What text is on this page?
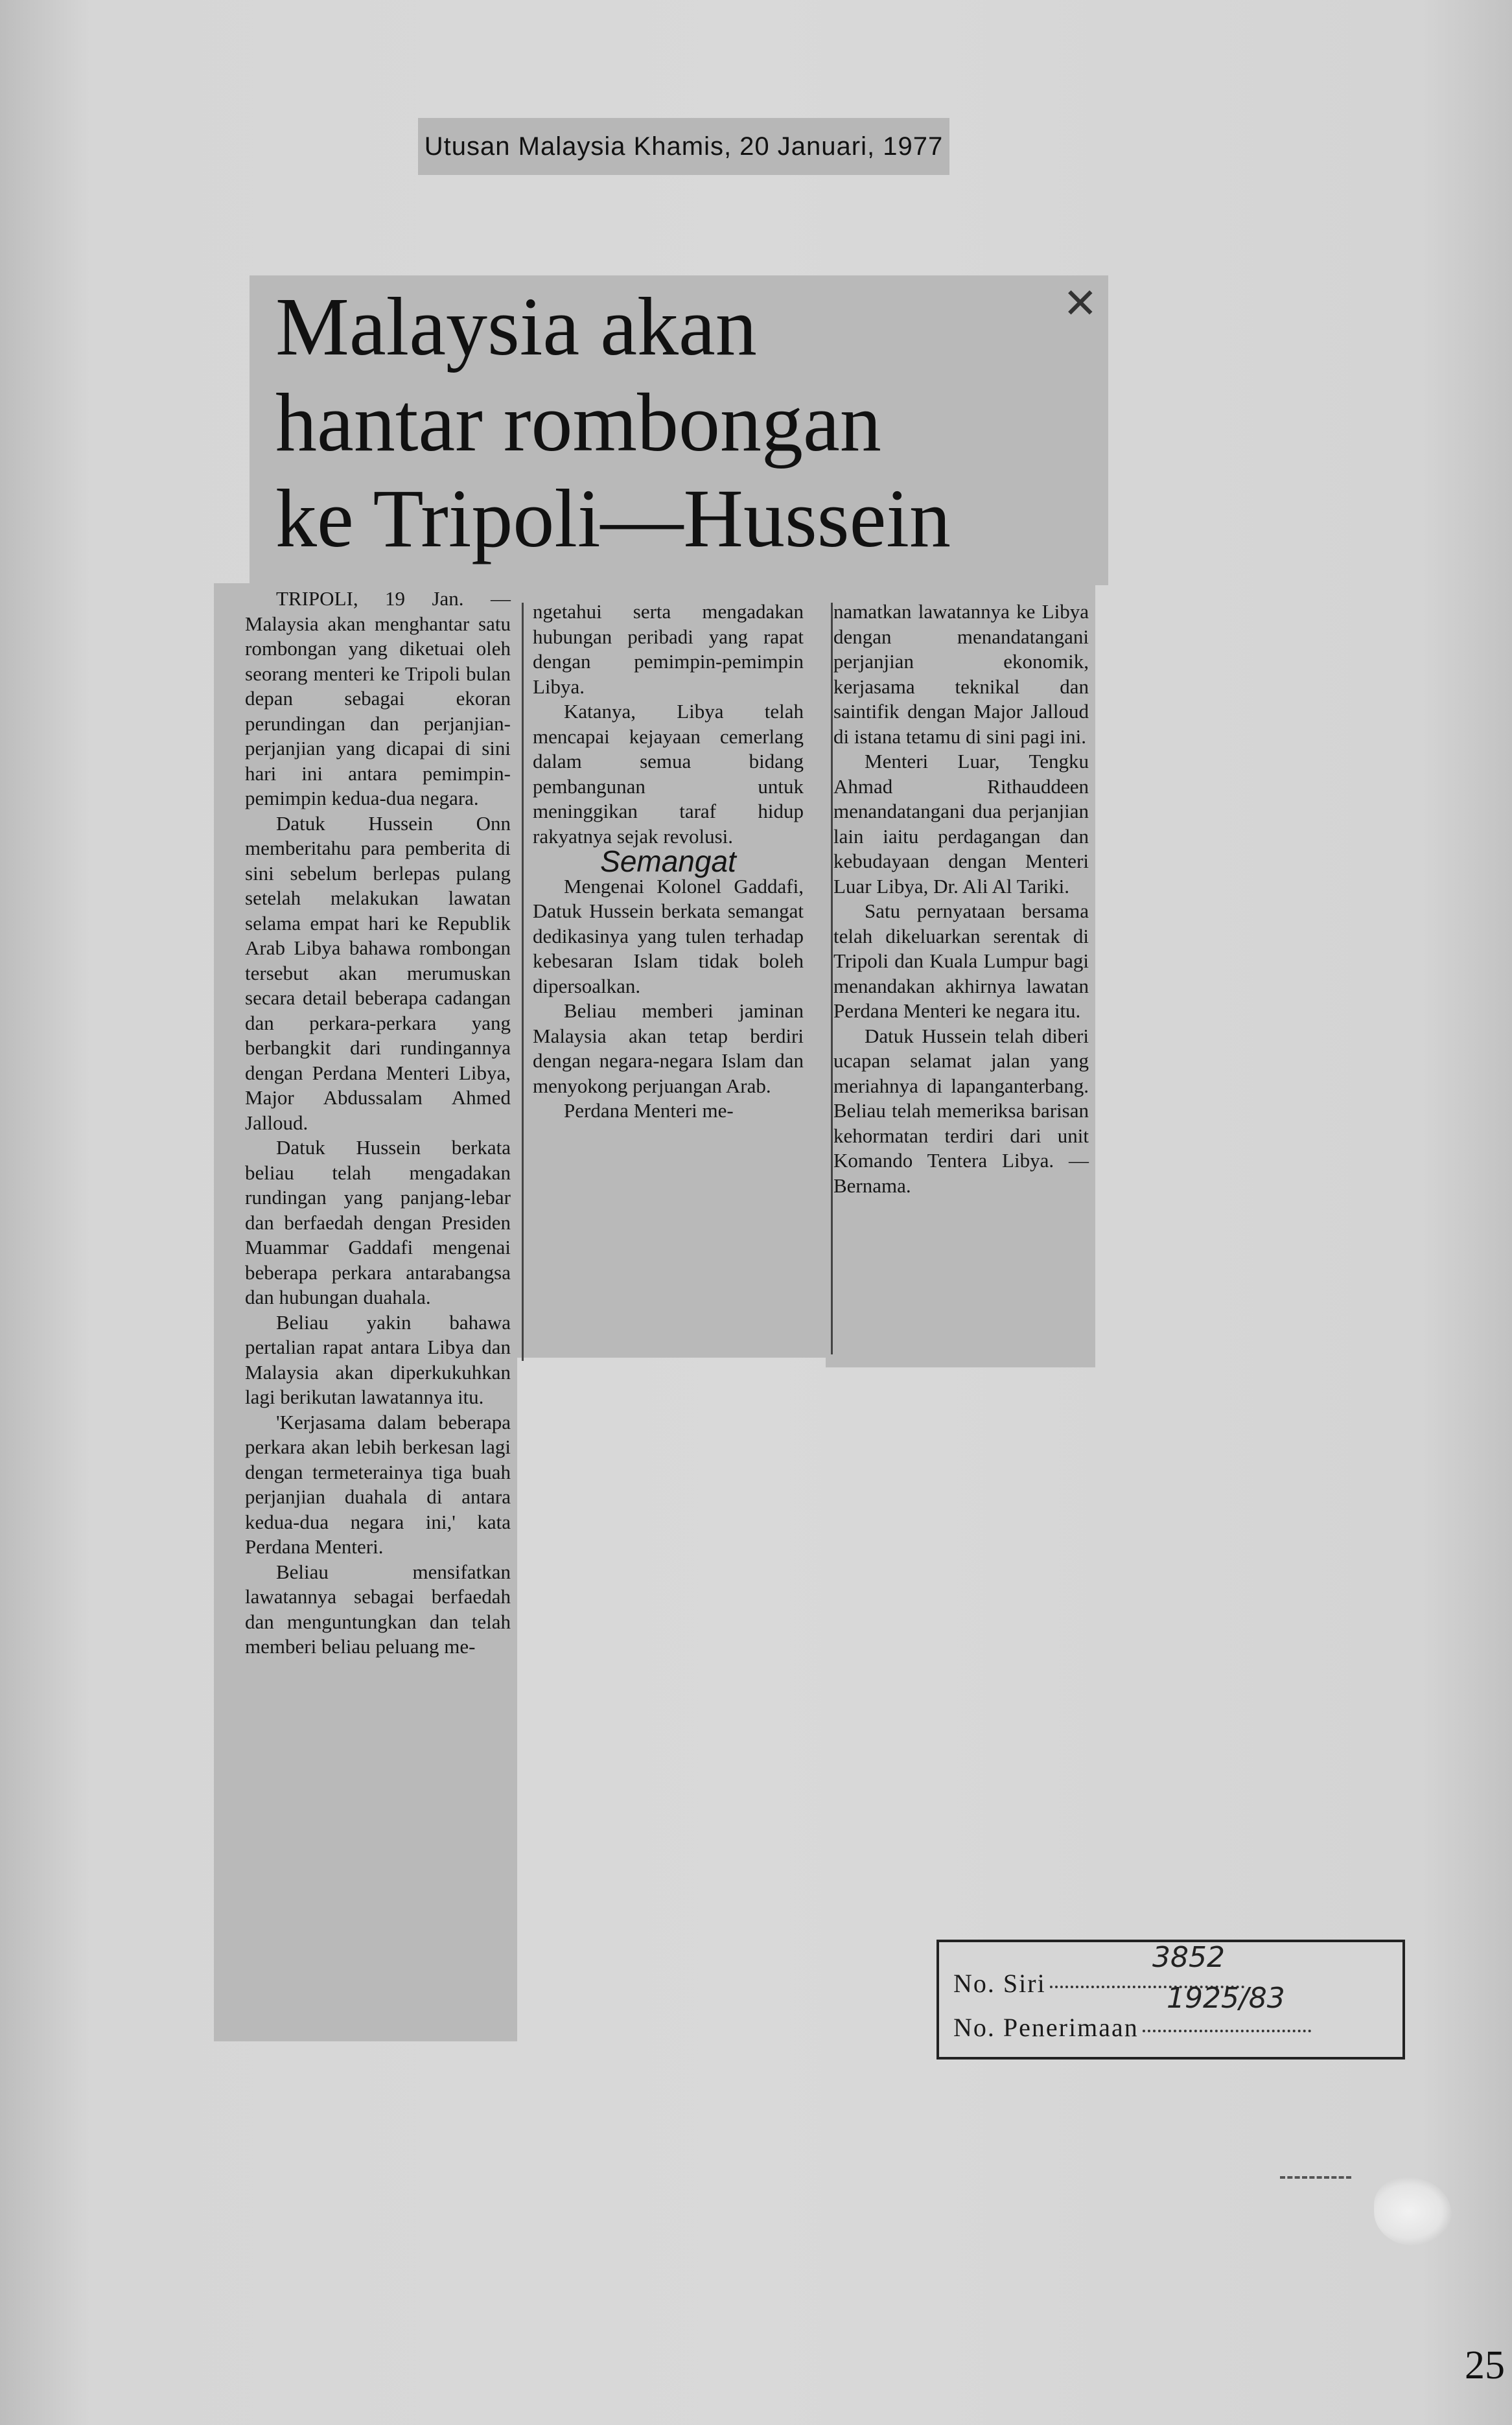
Utusan Malaysia Khamis, 20 Januari, 1977
✕
Malaysia akan
hantar rombongan
ke Tripoli—Hussein

TRIPOLI, 19 Jan. — Malaysia akan menghantar satu rombongan yang diketuai oleh seorang menteri ke Tripoli bulan depan sebagai ekoran perundingan dan perjanjian-perjanjian yang dicapai di sini hari ini antara pemimpin-pemimpin kedua-dua negara.

Datuk Hussein Onn memberitahu para pemberita di sini sebelum berlepas pulang setelah melakukan lawatan selama empat hari ke Republik Arab Libya bahawa rombongan tersebut akan merumuskan secara detail beberapa cadangan dan perkara-perkara yang berbangkit dari rundingannya dengan Perdana Menteri Libya, Major Abdussalam Ahmed Jalloud.

Datuk Hussein berkata beliau telah mengadakan rundingan yang panjang-lebar dan berfaedah dengan Presiden Muammar Gaddafi mengenai beberapa perkara antarabangsa dan hubungan duahala.

Beliau yakin bahawa pertalian rapat antara Libya dan Malaysia akan diperkukuhkan lagi berikutan lawatannya itu.

'Kerjasama dalam beberapa perkara akan lebih berkesan lagi dengan termeterainya tiga buah perjanjian duahala di antara kedua-dua negara ini,' kata Perdana Menteri.

Beliau mensifatkan lawatannya sebagai berfaedah dan menguntungkan dan telah memberi beliau peluang me-

ngetahui serta mengadakan hubungan peribadi yang rapat dengan pemimpin-pemimpin Libya.

Katanya, Libya telah mencapai kejayaan cemerlang dalam semua bidang pembangunan untuk meninggikan taraf hidup rakyatnya sejak revolusi.

Semangat

Mengenai Kolonel Gaddafi, Datuk Hussein berkata semangat dedikasinya yang tulen terhadap kebesaran Islam tidak boleh dipersoalkan.

Beliau memberi jaminan Malaysia akan tetap berdiri dengan negara-negara Islam dan menyokong perjuangan Arab.

Perdana Menteri me-

namatkan lawatannya ke Libya dengan menandatangani perjanjian ekonomik, kerjasama teknikal dan saintifik dengan Major Jalloud di istana tetamu di sini pagi ini.

Menteri Luar, Tengku Ahmad Rithauddeen menandatangani dua perjanjian lain iaitu perdagangan dan kebudayaan dengan Menteri Luar Libya, Dr. Ali Al Tariki.

Satu pernyataan bersama telah dikeluarkan serentak di Tripoli dan Kuala Lumpur bagi menandakan akhirnya lawatan Perdana Menteri ke negara itu.

Datuk Hussein telah diberi ucapan selamat jalan yang meriahnya di lapanganterbang. Beliau telah memeriksa barisan kehormatan terdiri dari unit Komando Tentera Libya. — Bernama.

No. Siri
No. Penerimaan
3852
1925/83
25
